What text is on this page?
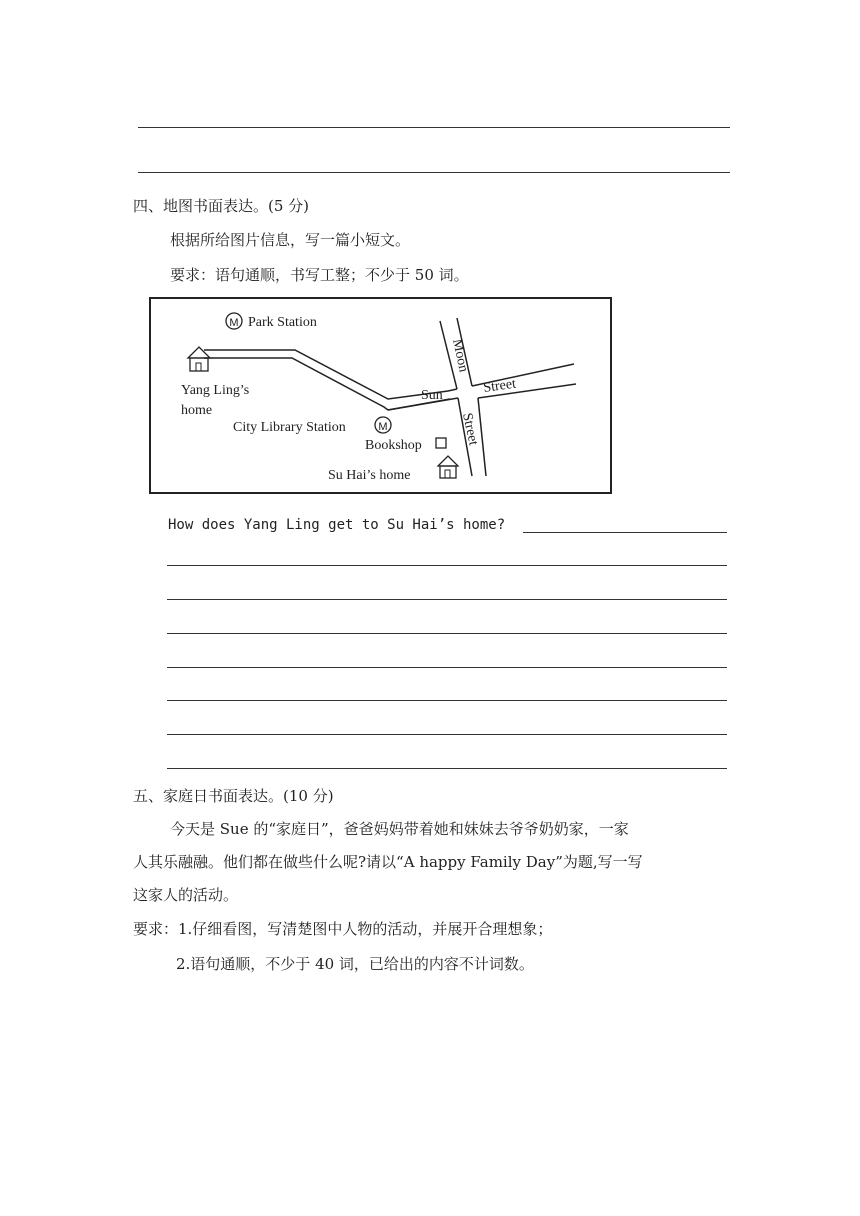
四、地图书面表达。(5 分)
根据所给图片信息，写一篇小短文。
要求：语句通顺，书写工整；不少于 50 词。
M Park Station
Yang Ling’s
home
City Library Station	M
Bookshop
Su Hai’s home
Moon
Street
Sun	Street
How does Yang Ling get to Su Hai’s home?
五、家庭日书面表达。(10 分)
今天是 Sue 的“家庭日”，爸爸妈妈带着她和妹妹去爷爷奶奶家，一家
人其乐融融。他们都在做些什么呢?请以“A happy Family Day”为题,写一写
这家人的活动。
要求：1.仔细看图，写清楚图中人物的活动，并展开合理想象；
2.语句通顺，不少于 40 词，已给出的内容不计词数。
